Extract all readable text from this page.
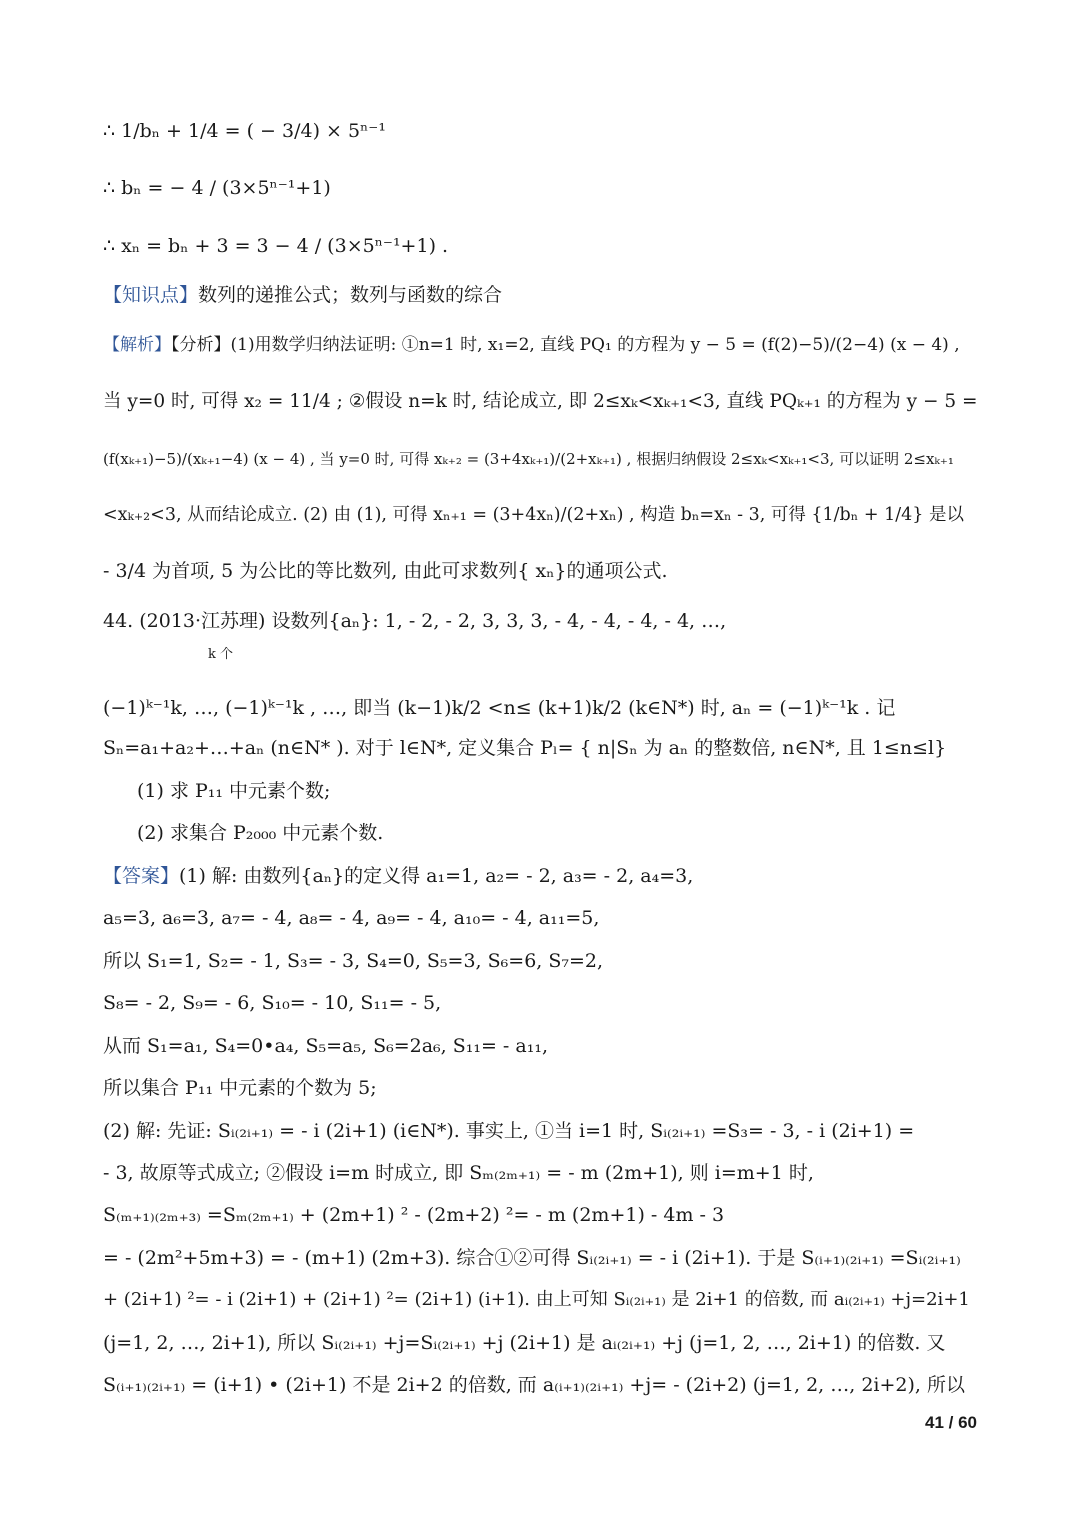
∴ 1/bₙ + 1/4 = ( − 3/4) × 5ⁿ⁻¹
∴ bₙ = − 4 / (3×5ⁿ⁻¹+1)
∴ xₙ = bₙ + 3 = 3 − 4 / (3×5ⁿ⁻¹+1) .
【知识点】数列的递推公式；数列与函数的综合
【解析】【分析】(1)用数学归纳法证明: ①n=1 时, x₁=2, 直线 PQ₁ 的方程为 y − 5 = (f(2)−5)/(2−4) (x − 4) ,
当 y=0 时, 可得 x₂ = 11/4 ; ②假设 n=k 时, 结论成立, 即 2≤xₖ<xₖ₊₁<3, 直线 PQₖ₊₁ 的方程为 y − 5 =
(f(xₖ₊₁)−5)/(xₖ₊₁−4) (x − 4) , 当 y=0 时, 可得 xₖ₊₂ = (3+4xₖ₊₁)/(2+xₖ₊₁) , 根据归纳假设 2≤xₖ<xₖ₊₁<3, 可以证明 2≤xₖ₊₁
<xₖ₊₂<3, 从而结论成立. (2) 由 (1), 可得 xₙ₊₁ = (3+4xₙ)/(2+xₙ) , 构造 bₙ=xₙ - 3, 可得 {1/bₙ + 1/4} 是以
- 3/4 为首项, 5 为公比的等比数列, 由此可求数列{ xₙ}的通项公式.
44. (2013·江苏理) 设数列{aₙ}: 1, - 2, - 2, 3, 3, 3, - 4, - 4, - 4, - 4, …,
k 个
(−1)ᵏ⁻¹k, …, (−1)ᵏ⁻¹k , …, 即当 (k−1)k/2 <n≤ (k+1)k/2 (k∈N*) 时, aₙ = (−1)ᵏ⁻¹k . 记
Sₙ=a₁+a₂+…+aₙ (n∈N* ). 对于 l∈N*, 定义集合 Pₗ= { n|Sₙ 为 aₙ 的整数倍, n∈N*, 且 1≤n≤l}
(1) 求 P₁₁ 中元素个数;
(2) 求集合 P₂₀₀₀ 中元素个数.
【答案】(1) 解: 由数列{aₙ}的定义得 a₁=1, a₂= - 2, a₃= - 2, a₄=3,
a₅=3, a₆=3, a₇= - 4, a₈= - 4, a₉= - 4, a₁₀= - 4, a₁₁=5,
所以 S₁=1, S₂= - 1, S₃= - 3, S₄=0, S₅=3, S₆=6, S₇=2,
S₈= - 2, S₉= - 6, S₁₀= - 10, S₁₁= - 5,
从而 S₁=a₁, S₄=0•a₄, S₅=a₅, S₆=2a₆, S₁₁= - a₁₁,
所以集合 P₁₁ 中元素的个数为 5;
(2) 解: 先证: Sᵢ₍₂ᵢ₊₁₎ = - i (2i+1) (i∈N*). 事实上, ①当 i=1 时, Sᵢ₍₂ᵢ₊₁₎ =S₃= - 3, - i (2i+1) =
- 3, 故原等式成立; ②假设 i=m 时成立, 即 Sₘ₍₂ₘ₊₁₎ = - m (2m+1), 则 i=m+1 时,
S₍ₘ₊₁₎₍₂ₘ₊₃₎ =Sₘ₍₂ₘ₊₁₎ + (2m+1) ² - (2m+2) ²= - m (2m+1) - 4m - 3
= - (2m²+5m+3) = - (m+1) (2m+3). 综合①②可得 Sᵢ₍₂ᵢ₊₁₎ = - i (2i+1). 于是 S₍ᵢ₊₁₎₍₂ᵢ₊₁₎ =Sᵢ₍₂ᵢ₊₁₎
+ (2i+1) ²= - i (2i+1) + (2i+1) ²= (2i+1) (i+1). 由上可知 Sᵢ₍₂ᵢ₊₁₎ 是 2i+1 的倍数, 而 aᵢ₍₂ᵢ₊₁₎ +j=2i+1
(j=1, 2, …, 2i+1), 所以 Sᵢ₍₂ᵢ₊₁₎ +j=Sᵢ₍₂ᵢ₊₁₎ +j (2i+1) 是 aᵢ₍₂ᵢ₊₁₎ +j (j=1, 2, …, 2i+1) 的倍数. 又
S₍ᵢ₊₁₎₍₂ᵢ₊₁₎ = (i+1) • (2i+1) 不是 2i+2 的倍数, 而 a₍ᵢ₊₁₎₍₂ᵢ₊₁₎ +j= - (2i+2) (j=1, 2, …, 2i+2), 所以
41 / 60
